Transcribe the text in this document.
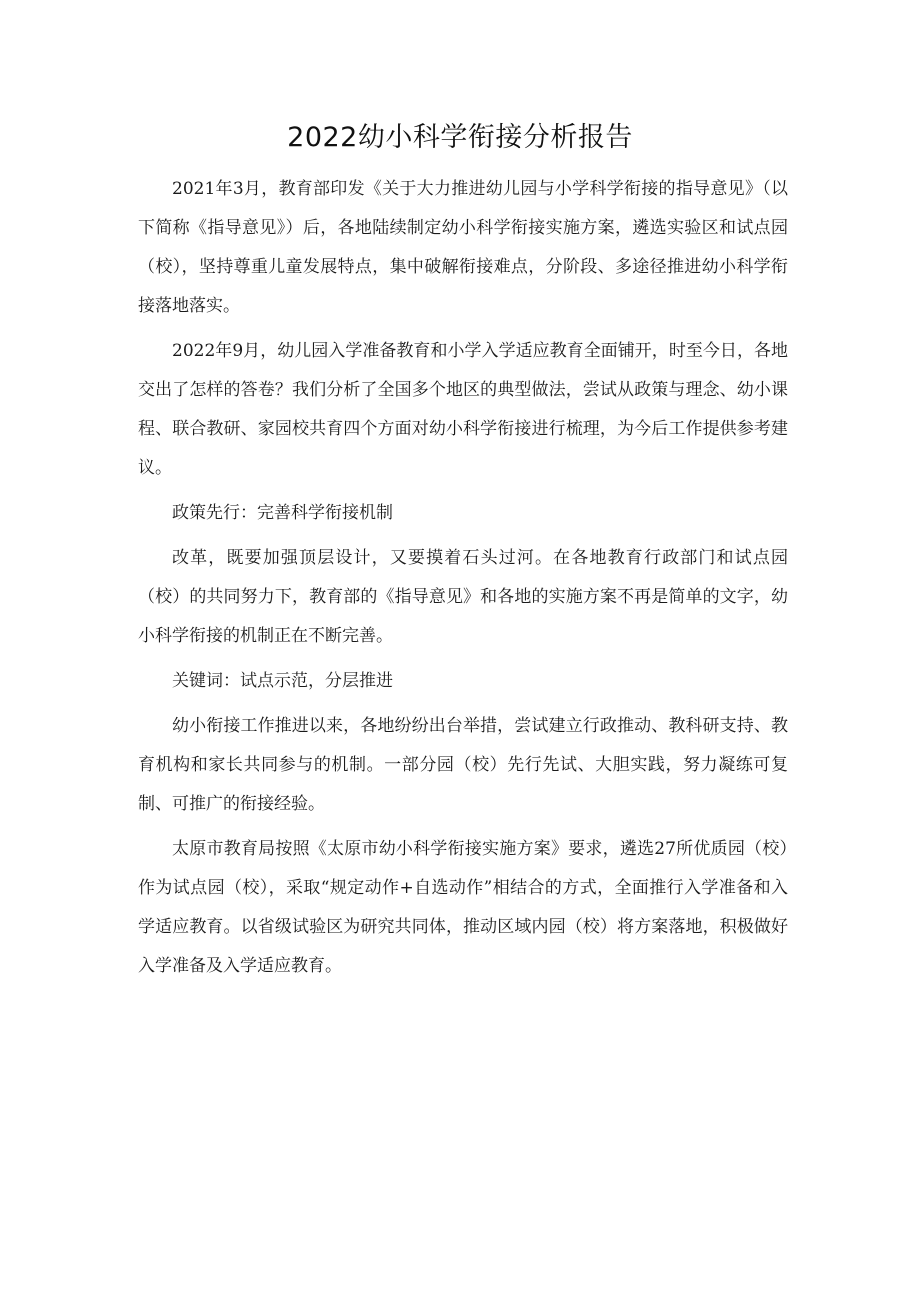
2022幼小科学衔接分析报告

2021年3月，教育部印发《关于大力推进幼儿园与小学科学衔接的指导意见》（以下简称《指导意见》）后，各地陆续制定幼小科学衔接实施方案，遴选实验区和试点园（校），坚持尊重儿童发展特点，集中破解衔接难点，分阶段、多途径推进幼小科学衔接落地落实。

2022年9月，幼儿园入学准备教育和小学入学适应教育全面铺开，时至今日，各地交出了怎样的答卷？我们分析了全国多个地区的典型做法，尝试从政策与理念、幼小课程、联合教研、家园校共育四个方面对幼小科学衔接进行梳理，为今后工作提供参考建议。

政策先行：完善科学衔接机制

改革，既要加强顶层设计，又要摸着石头过河。在各地教育行政部门和试点园（校）的共同努力下，教育部的《指导意见》和各地的实施方案不再是简单的文字，幼小科学衔接的机制正在不断完善。

关键词：试点示范，分层推进

幼小衔接工作推进以来，各地纷纷出台举措，尝试建立行政推动、教科研支持、教育机构和家长共同参与的机制。一部分园（校）先行先试、大胆实践，努力凝练可复制、可推广的衔接经验。

太原市教育局按照《太原市幼小科学衔接实施方案》要求，遴选27所优质园（校）作为试点园（校），采取“规定动作+自选动作”相结合的方式，全面推行入学准备和入学适应教育。以省级试验区为研究共同体，推动区域内园（校）将方案落地，积极做好入学准备及入学适应教育。
